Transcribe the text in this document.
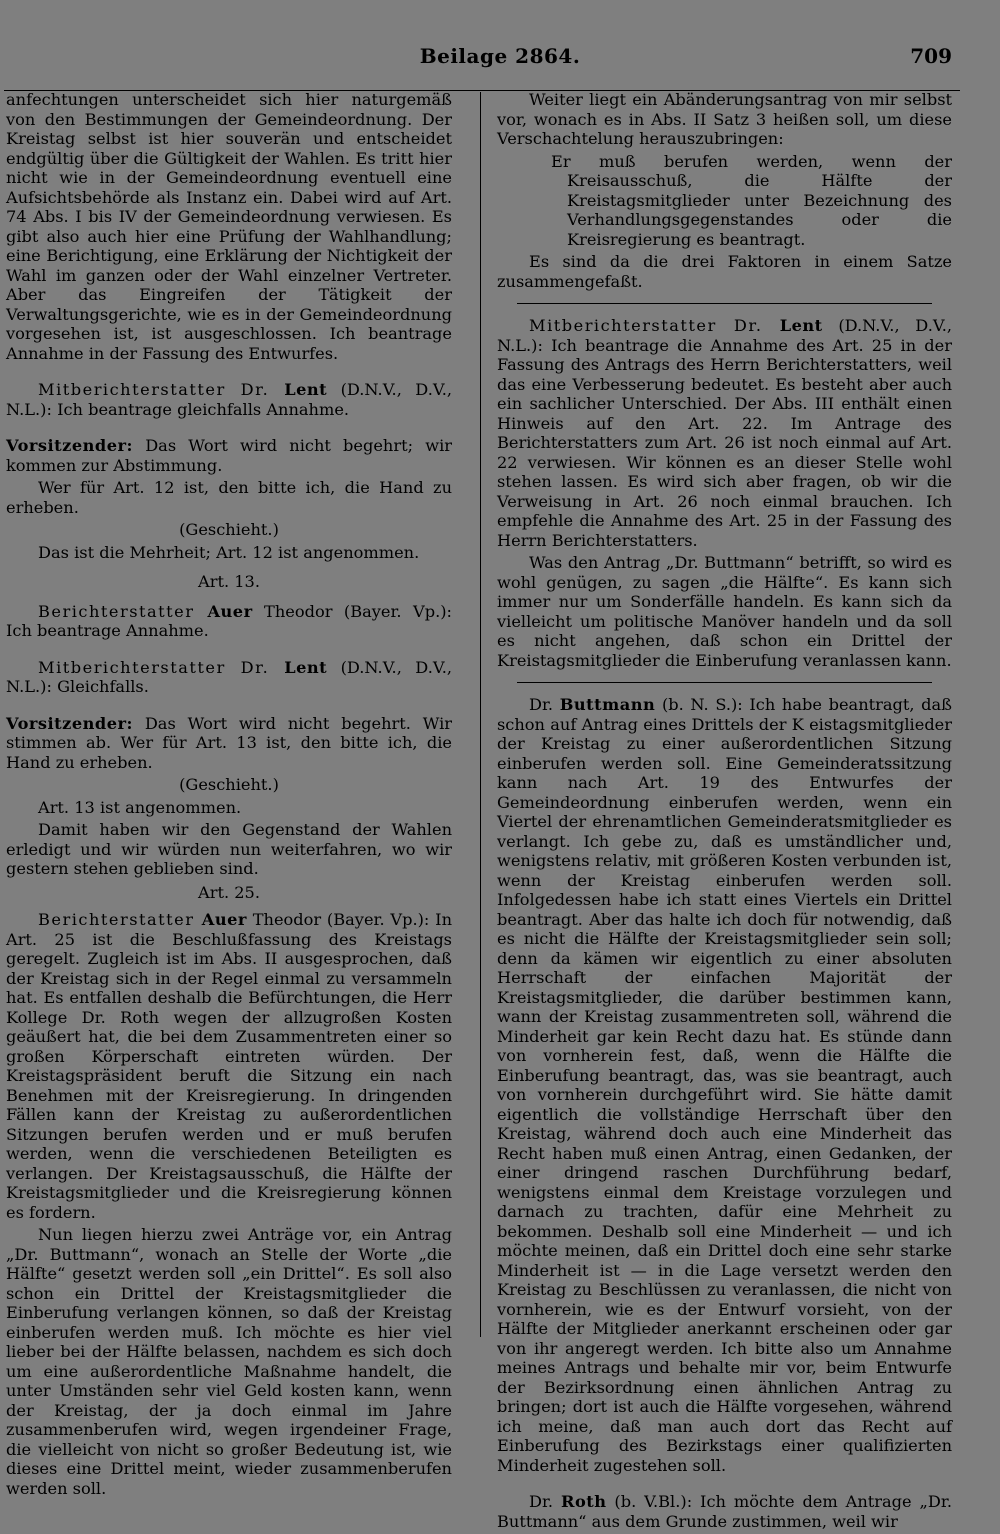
Beilage 2864.	709

anfechtungen unterscheidet sich hier naturgemäß von den Bestimmungen der Gemeindeordnung. Der Kreistag selbst ist hier souverän und entscheidet endgültig über die Gültigkeit der Wahlen. Es tritt hier nicht wie in der Gemeindeordnung eventuell eine Aufsichtsbehörde als Instanz ein. Dabei wird auf Art. 74 Abs. I bis IV der Gemeindeordnung verwiesen. Es gibt also auch hier eine Prüfung der Wahlhandlung; eine Berichtigung, eine Erklärung der Nichtigkeit der Wahl im ganzen oder der Wahl einzelner Vertreter. Aber das Eingreifen der Tätigkeit der Verwaltungsgerichte, wie es in der Gemeindeordnung vorgesehen ist, ist ausgeschlossen. Ich beantrage Annahme in der Fassung des Entwurfes.

Mitberichterstatter Dr. Lent (D.N.V., D.V., N.L.): Ich beantrage gleichfalls Annahme.

Vorsitzender: Das Wort wird nicht begehrt; wir kommen zur Abstimmung.

Wer für Art. 12 ist, den bitte ich, die Hand zu erheben.

(Geschieht.)

Das ist die Mehrheit; Art. 12 ist angenommen.

Art. 13.

Berichterstatter Auer Theodor (Bayer. Vp.): Ich beantrage Annahme.

Mitberichterstatter Dr. Lent (D.N.V., D.V., N.L.): Gleichfalls.

Vorsitzender: Das Wort wird nicht begehrt. Wir stimmen ab. Wer für Art. 13 ist, den bitte ich, die Hand zu erheben.

(Geschieht.)

Art. 13 ist angenommen.

Damit haben wir den Gegenstand der Wahlen erledigt und wir würden nun weiterfahren, wo wir gestern stehen geblieben sind.

Art. 25.

Berichterstatter Auer Theodor (Bayer. Vp.): In Art. 25 ist die Beschlußfassung des Kreistags geregelt. Zugleich ist im Abs. II ausgesprochen, daß der Kreistag sich in der Regel einmal zu versammeln hat. Es entfallen deshalb die Befürchtungen, die Herr Kollege Dr. Roth wegen der allzugroßen Kosten geäußert hat, die bei dem Zusammentreten einer so großen Körperschaft eintreten würden. Der Kreistagspräsident beruft die Sitzung ein nach Benehmen mit der Kreisregierung. In dringenden Fällen kann der Kreistag zu außerordentlichen Sitzungen berufen werden und er muß berufen werden, wenn die verschiedenen Beteiligten es verlangen. Der Kreistagsausschuß, die Hälfte der Kreistagsmitglieder und die Kreisregierung können es fordern.

Nun liegen hierzu zwei Anträge vor, ein Antrag „Dr. Buttmann“, wonach an Stelle der Worte „die Hälfte“ gesetzt werden soll „ein Drittel“. Es soll also schon ein Drittel der Kreistagsmitglieder die Einberufung verlangen können, so daß der Kreistag einberufen werden muß. Ich möchte es hier viel lieber bei der Hälfte belassen, nachdem es sich doch um eine außerordentliche Maßnahme handelt, die unter Umständen sehr viel Geld kosten kann, wenn der Kreistag, der ja doch einmal im Jahre zusammenberufen wird, wegen irgendeiner Frage, die vielleicht von nicht so großer Bedeutung ist, wie dieses eine Drittel meint, wieder zusammenberufen werden soll.

Weiter liegt ein Abänderungsantrag von mir selbst vor, wonach es in Abs. II Satz 3 heißen soll, um diese Verschachtelung herauszubringen:

Er muß berufen werden, wenn der Kreisausschuß, die Hälfte der Kreistagsmitglieder unter Bezeichnung des Verhandlungsgegenstandes oder die Kreisregierung es beantragt.

Es sind da die drei Faktoren in einem Satze zusammengefaßt.

Mitberichterstatter Dr. Lent (D.N.V., D.V., N.L.): Ich beantrage die Annahme des Art. 25 in der Fassung des Antrags des Herrn Berichterstatters, weil das eine Verbesserung bedeutet. Es besteht aber auch ein sachlicher Unterschied. Der Abs. III enthält einen Hinweis auf den Art. 22. Im Antrage des Berichterstatters zum Art. 26 ist noch einmal auf Art. 22 verwiesen. Wir können es an dieser Stelle wohl stehen lassen. Es wird sich aber fragen, ob wir die Verweisung in Art. 26 noch einmal brauchen. Ich empfehle die Annahme des Art. 25 in der Fassung des Herrn Berichterstatters.

Was den Antrag „Dr. Buttmann“ betrifft, so wird es wohl genügen, zu sagen „die Hälfte“. Es kann sich immer nur um Sonderfälle handeln. Es kann sich da vielleicht um politische Manöver handeln und da soll es nicht angehen, daß schon ein Drittel der Kreistagsmitglieder die Einberufung veranlassen kann.

Dr. Buttmann (b. N. S.): Ich habe beantragt, daß schon auf Antrag eines Drittels der K eistagsmitglieder der Kreistag zu einer außerordentlichen Sitzung einberufen werden soll. Eine Gemeinderatssitzung kann nach Art. 19 des Entwurfes der Gemeindeordnung einberufen werden, wenn ein Viertel der ehrenamtlichen Gemeinderatsmitglieder es verlangt. Ich gebe zu, daß es umständlicher und, wenigstens relativ, mit größeren Kosten verbunden ist, wenn der Kreistag einberufen werden soll. Infolgedessen habe ich statt eines Viertels ein Drittel beantragt. Aber das halte ich doch für notwendig, daß es nicht die Hälfte der Kreistagsmitglieder sein soll; denn da kämen wir eigentlich zu einer absoluten Herrschaft der einfachen Majorität der Kreistagsmitglieder, die darüber bestimmen kann, wann der Kreistag zusammentreten soll, während die Minderheit gar kein Recht dazu hat. Es stünde dann von vornherein fest, daß, wenn die Hälfte die Einberufung beantragt, das, was sie beantragt, auch von vornherein durchgeführt wird. Sie hätte damit eigentlich die vollständige Herrschaft über den Kreistag, während doch auch eine Minderheit das Recht haben muß einen Antrag, einen Gedanken, der einer dringend raschen Durchführung bedarf, wenigstens einmal dem Kreistage vorzulegen und darnach zu trachten, dafür eine Mehrheit zu bekommen. Deshalb soll eine Minderheit — und ich möchte meinen, daß ein Drittel doch eine sehr starke Minderheit ist — in die Lage versetzt werden den Kreistag zu Beschlüssen zu veranlassen, die nicht von vornherein, wie es der Entwurf vorsieht, von der Hälfte der Mitglieder anerkannt erscheinen oder gar von ihr angeregt werden. Ich bitte also um Annahme meines Antrags und behalte mir vor, beim Entwurfe der Bezirksordnung einen ähnlichen Antrag zu bringen; dort ist auch die Hälfte vorgesehen, während ich meine, daß man auch dort das Recht auf Einberufung des Bezirkstags einer qualifizierten Minderheit zugestehen soll.

Dr. Roth (b. V.Bl.): Ich möchte dem Antrage „Dr. Buttmann“ aus dem Grunde zustimmen, weil wir
